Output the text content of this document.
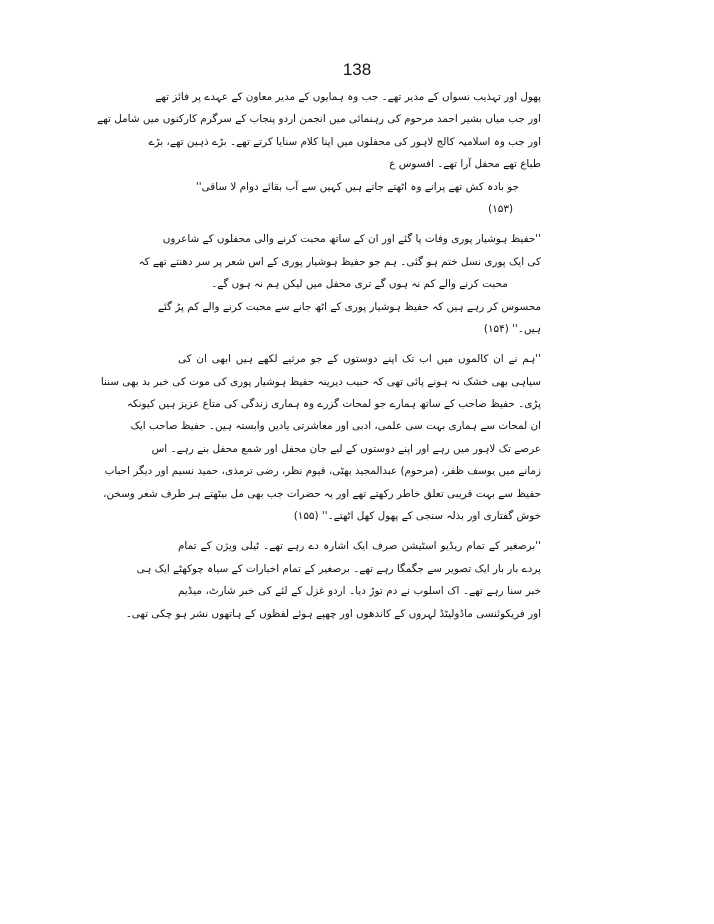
138
پھول اور تہذیب نسواں کے مدیر تھے۔ جب وہ ہمایوں کے مدیر معاون کے عہدے پر فائز تھے
اور جب میاں بشیر احمد مرحوم کی رہنمائی میں انجمن اردو پنجاب کے سرگرم کارکنوں میں شامل تھے
اور جب وہ اسلامیہ کالج لاہور کی محفلوں میں اپنا کلام سنایا کرتے تھے۔ بڑے ذہین تھے، بڑے
طباع تھے محفل آرا تھے۔ افسوس ع
جو بادہ کش تھے پرانے وہ اٹھتے جاتے ہیں کہیں سے آب بقائے دوام لا ساقی''
(۱۵۳)
''حفیظ ہوشیار پوری وفات پا گئے اور ان کے ساتھ محبت کرنے والی محفلوں کے شاعروں
کی ایک پوری نسل ختم ہو گئی۔ ہم جو حفیظ ہوشیار پوری کے اس شعر پر سر دھنتے تھے کہ
محبت کرنے والے کم نہ ہوں گے تری محفل میں لیکن ہم نہ ہوں گے۔
محسوس کر رہے ہیں کہ حفیظ ہوشیار پوری کے اٹھ جانے سے محبت کرنے والے کم پڑ گئے
ہیں۔'' (۱۵۴)
''ہم نے ان کالموں میں اب تک اپنے دوستوں کے جو مرثیے لکھے ہیں ابھی ان کی
سیاہی بھی خشک نہ ہونے پائی تھی کہ حبیب دیرینہ حفیظ ہوشیار پوری کی موت کی خبر بد بھی سننا
پڑی۔ حفیظ صاحب کے ساتھ ہمارے جو لمحات گزرے وہ ہماری زندگی کی متاع عزیز ہیں کیونکہ
ان لمحات سے ہماری بہت سی علمی، ادبی اور معاشرتی یادیں وابستہ ہیں۔ حفیظ صاحب ایک
عرصے تک لاہور میں رہے اور اپنے دوستوں کے لیے جان محفل اور شمع محفل بنے رہے۔ اس
زمانے میں یوسف ظفر، (مرحوم) عبدالمجید بھٹی، قیوم نظر، رضی ترمذی، حمید نسیم اور دیگر احباب
حفیظ سے بہت قریبی تعلق خاطر رکھتے تھے اور یہ حضرات جب بھی مل بیٹھتے ہر طرف شعر وسخن،
خوش گفتاری اور بذلہ سنجی کے پھول کھل اٹھتے۔'' (۱۵۵)
''برصغیر کے تمام ریڈیو اسٹیشن صرف ایک اشارہ دے رہے تھے۔ ٹیلی ویژن کے تمام
پردے بار بار ایک تصویر سے جگمگا رہے تھے۔ برصغیر کے تمام اخبارات کے سیاہ چوکھٹے ایک ہی
خبر سنا رہے تھے۔ اک اسلوب نے دم توڑ دیا۔ اردو غزل کے لئے کی خبر شارٹ، میڈیم
اور فریکوئنسی ماڈولیٹڈ لہروں کے کاندھوں اور چھپے ہوئے لفظوں کے ہاتھوں نشر ہو چکی تھی۔
